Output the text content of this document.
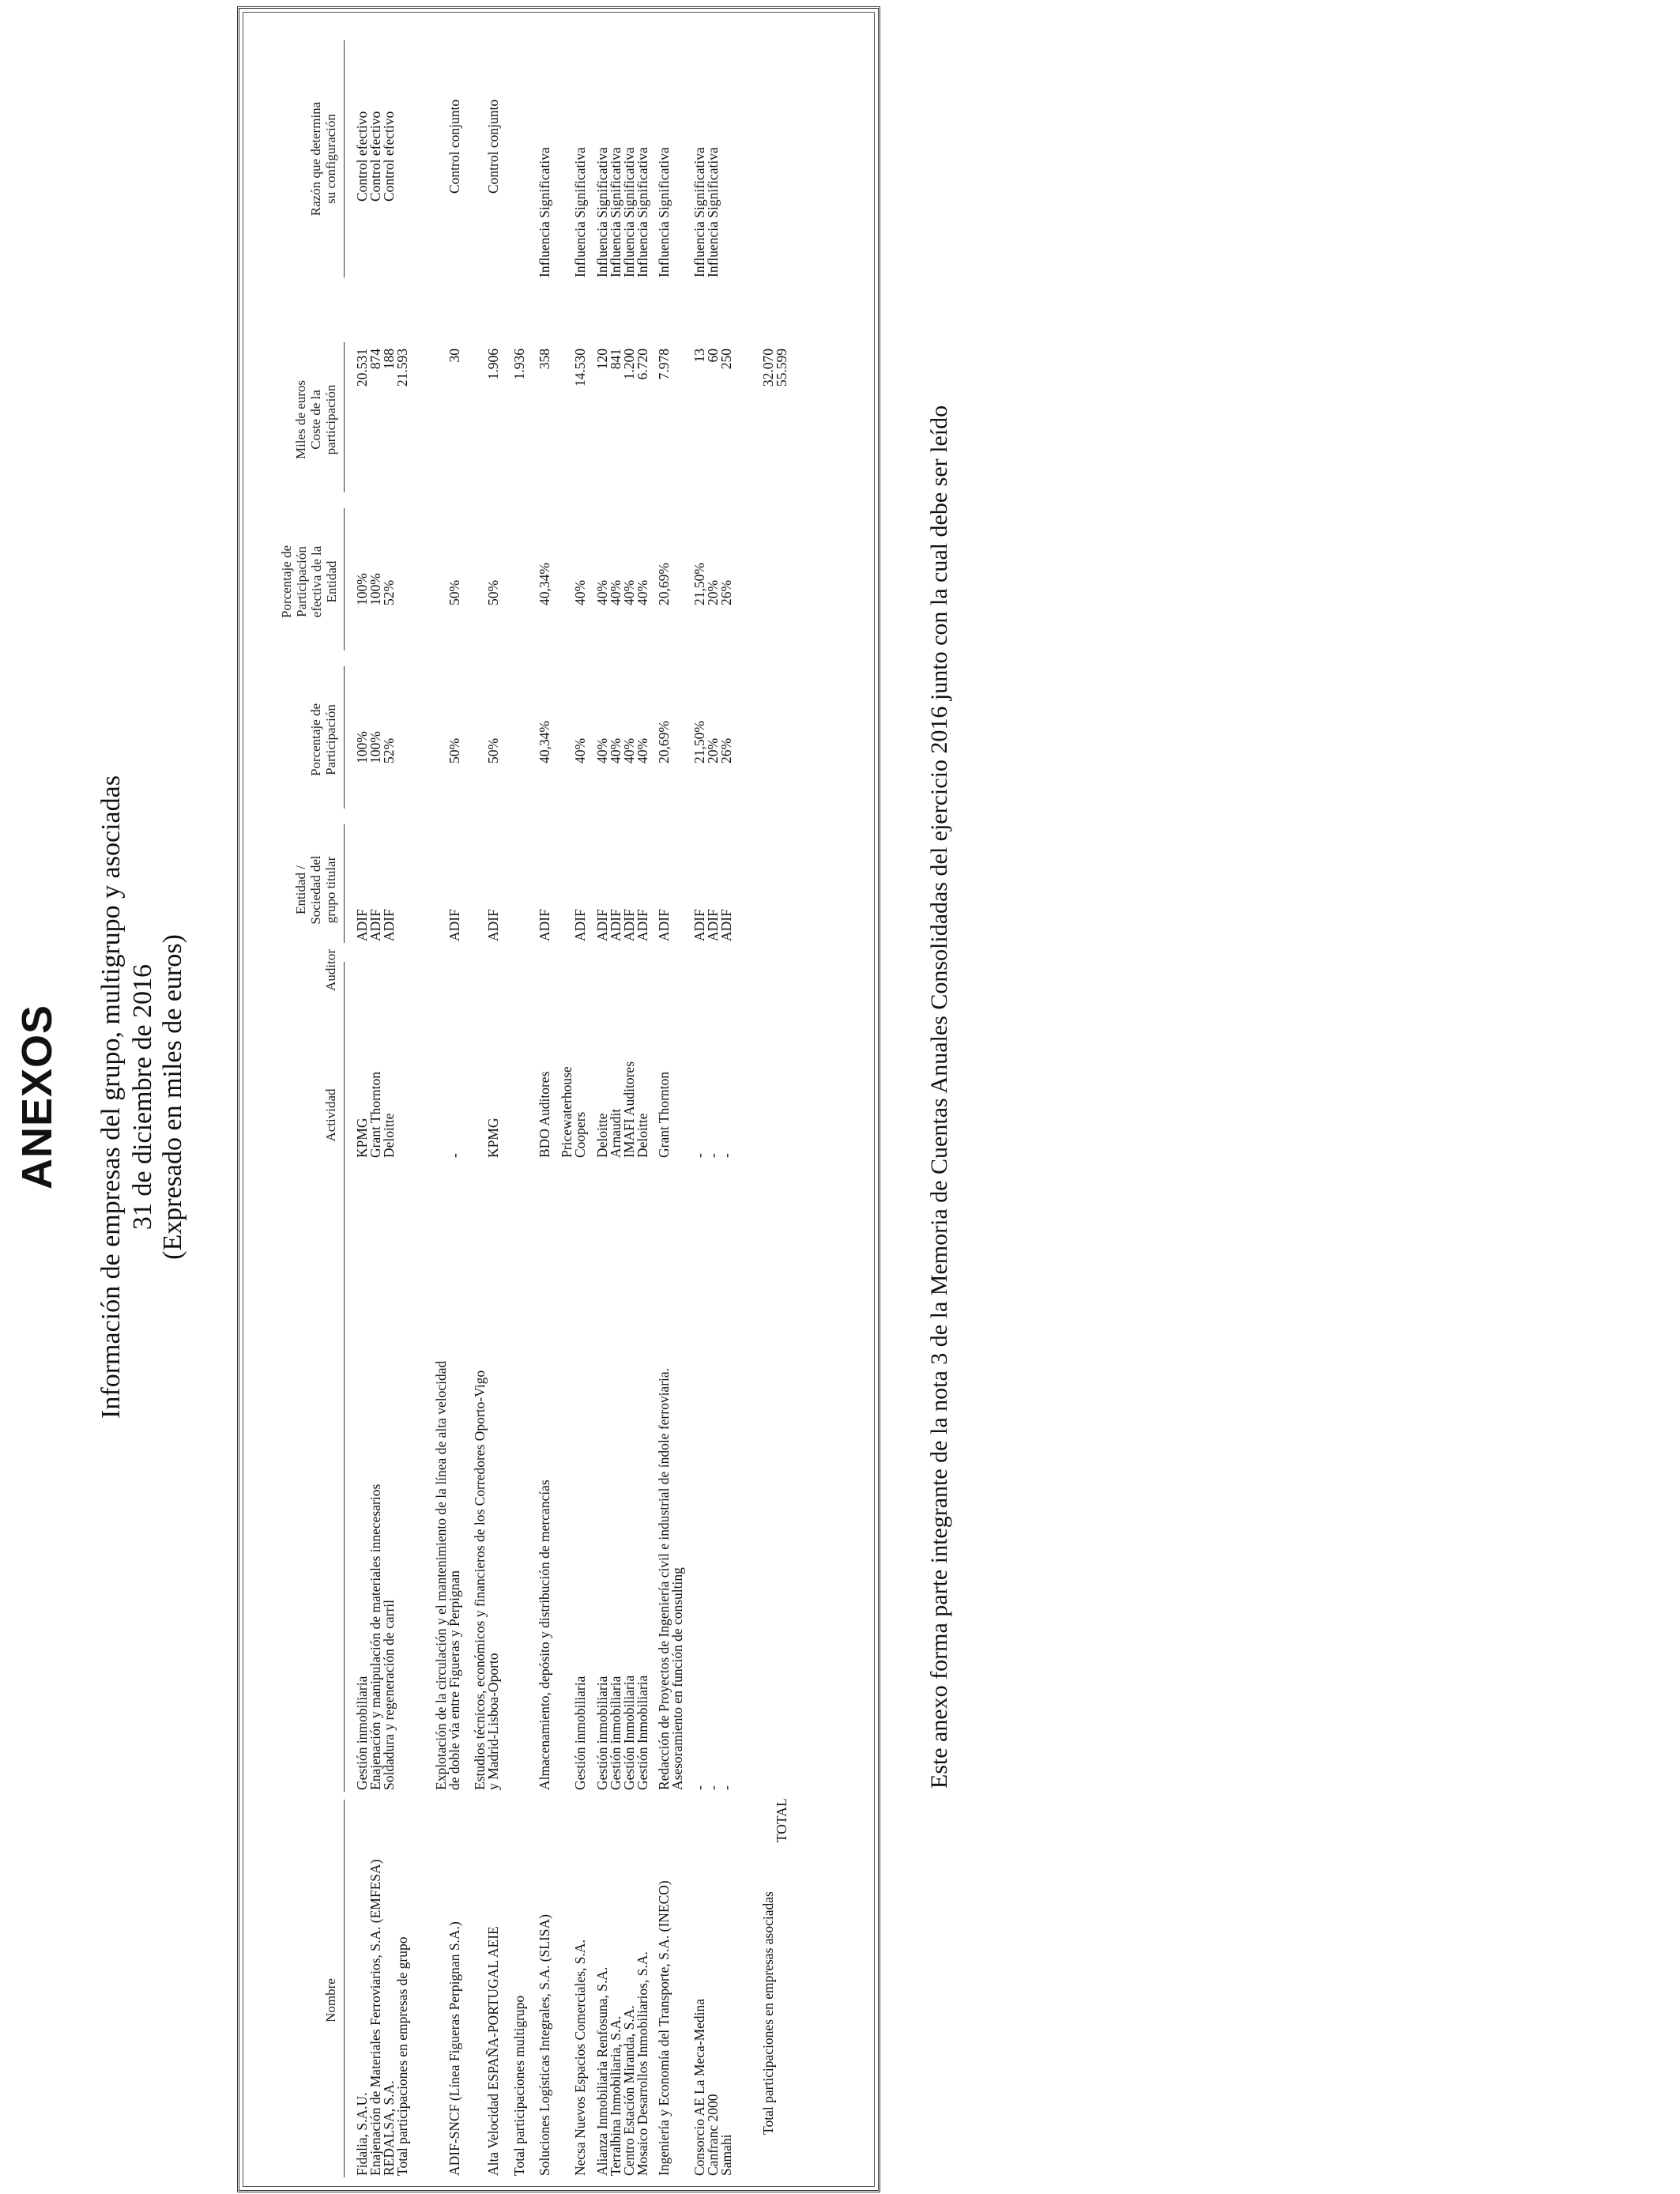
ANEXOS Información de empresas del grupo, multigrupo y asociadas 31 de diciembre de 2016 (Expresado en miles de euros)
Nombre
Actividad
Auditor
Entidad / Sociedad del grupo titular
Porcentaje de Participación
Porcentaje de Participación efectiva de la Entidad
Miles de euros Coste de la participación
Razón que determina su configuración
Fidalia, S.A.U.
Gestión inmobiliaria
KPMG
ADIF
100%
100%
20.531
Control efectivo
Enajenación de Materiales Ferroviarios, S.A. (EMFESA)
Enajenación y manipulación de materiales innecesarios
Grant Thornton
ADIF
100%
100%
874
Control efectivo
REDALSA, S.A.
Soldadura y regeneración de carril
Deloitte
ADIF
52%
52%
188
Control efectivo
Total participaciones en empresas de grupo
21.593
ADIF-SNCF (Línea Figueras Perpignan S.A.)
Explotación de la circulación y el mantenimiento de la línea de alta velocidad
de doble vía entre Figueras y Perpignan
-
ADIF
50%
50%
30
Control conjunto
Alta Velocidad ESPAÑA-PORTUGAL AEIE
Estudios técnicos, económicos y financieros de los Corredores Oporto-Vigo
y Madrid-Lisboa-Oporto
KPMG
ADIF
50%
50%
1.906
Control conjunto
Total participaciones multigrupo
1.936
Soluciones Logísticas Integrales, S.A. (SLISA)
Almacenamiento, depósito y distribución de mercancías
BDO Auditores
ADIF
40,34%
40,34%
358
Influencia Significativa
Necsa Nuevos Espacios Comerciales, S.A.
Gestión inmobiliaria
Pricewaterhouse
Coopers
ADIF
40%
40%
14.530
Influencia Significativa
Alianza Inmobiliaria Renfosuna, S.A.
Gestión inmobiliaria
Deloitte
ADIF
40%
40%
120
Influencia Significativa
Terralbina Inmobiliaria, S.A.
Gestión inmobiliaria
Arnaudit
ADIF
40%
40%
841
Influencia Significativa
Centro Estación Miranda, S.A.
Gestión Inmobiliaria
IMAFI Auditores
ADIF
40%
40%
1.200
Influencia Significativa
Mosaico Desarrollos Inmobiliarios, S.A.
Gestión Inmobiliaria
Deloitte
ADIF
40%
40%
6.720
Influencia Significativa
Ingeniería y Economía del Transporte, S.A. (INECO)
Redacción de Proyectos de Ingeniería civil e industrial de índole ferroviaria.
Asesoramiento en función de consulting
Grant Thornton
ADIF
20,69%
20,69%
7.978
Influencia Significativa
Consorcio AE La Meca-Medina
-
-
ADIF
21,50%
21,50%
13
Influencia Significativa
Canfranc 2000
-
-
ADIF
20%
20%
60
Influencia Significativa
Samahi
-
-
ADIF
26%
26%
250
Total participaciones en empresas asociadas
32.070
TOTAL
55.599
Este anexo forma parte integrante de la nota 3 de la Memoria de Cuentas Anuales Consolidadas del ejercicio 2016 junto con la cual debe ser leído
